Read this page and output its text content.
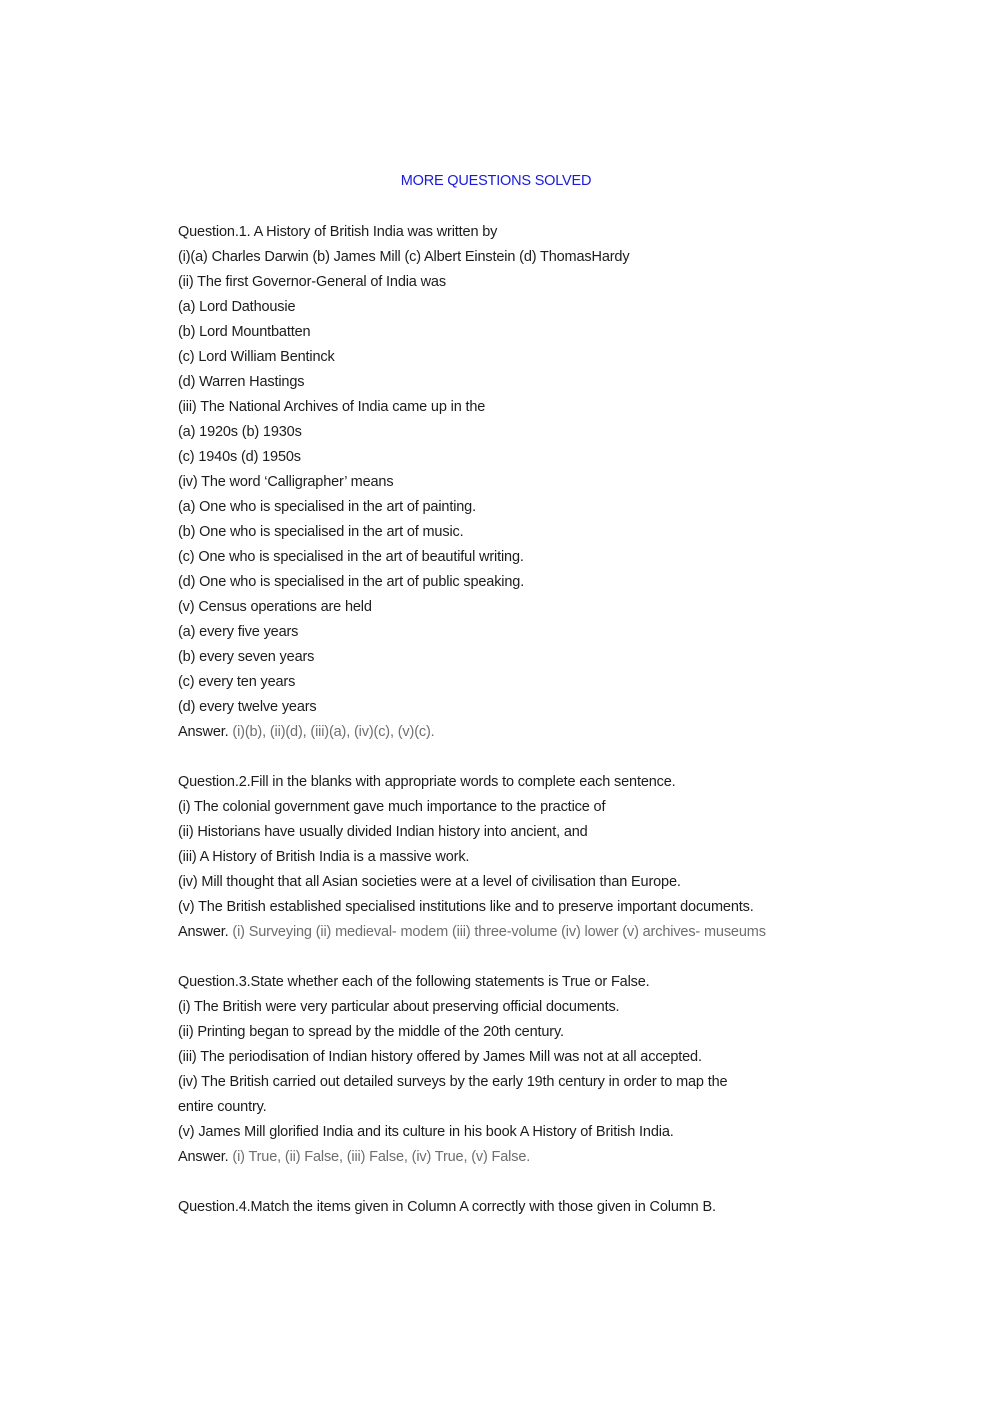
MORE QUESTIONS SOLVED
Question.1. A History of British India was written by
(i)(a) Charles Darwin (b) James Mill (c) Albert Einstein (d) ThomasHardy
(ii) The first Governor-General of India was
(a) Lord Dathousie
(b) Lord Mountbatten
(c) Lord William Bentinck
(d) Warren Hastings
(iii) The National Archives of India came up in the
(a) 1920s (b) 1930s
(c) 1940s (d) 1950s
(iv) The word ‘Calligrapher’ means
(a) One who is specialised in the art of painting.
(b) One who is specialised in the art of music.
(c) One who is specialised in the art of beautiful writing.
(d) One who is specialised in the art of public speaking.
(v) Census operations are held
(a) every five years
(b) every seven years
(c) every ten years
(d) every twelve years
Answer. (i)(b), (ii)(d), (iii)(a), (iv)(c), (v)(c).
Question.2.Fill in the blanks with appropriate words to complete each sentence.
(i) The colonial government gave much importance to the practice of
(ii) Historians have usually divided Indian history into ancient, and
(iii) A History of British India is a massive work.
(iv) Mill thought that all Asian societies were at a level of civilisation than Europe.
(v) The British established specialised institutions like and to preserve important documents.
Answer. (i) Surveying (ii) medieval- modem (iii) three-volume (iv) lower (v) archives- museums
Question.3.State whether each of the following statements is True or False.
(i) The British were very particular about preserving official documents.
(ii) Printing began to spread by the middle of the 20th century.
(iii) The periodisation of Indian history offered by James Mill was not at all accepted.
(iv) The British carried out detailed surveys by the early 19th century in order to map the
entire country.
(v) James Mill glorified India and its culture in his book A History of British India.
Answer. (i) True, (ii) False, (iii) False, (iv) True, (v) False.
Question.4.Match the items given in Column A correctly with those given in Column B.
